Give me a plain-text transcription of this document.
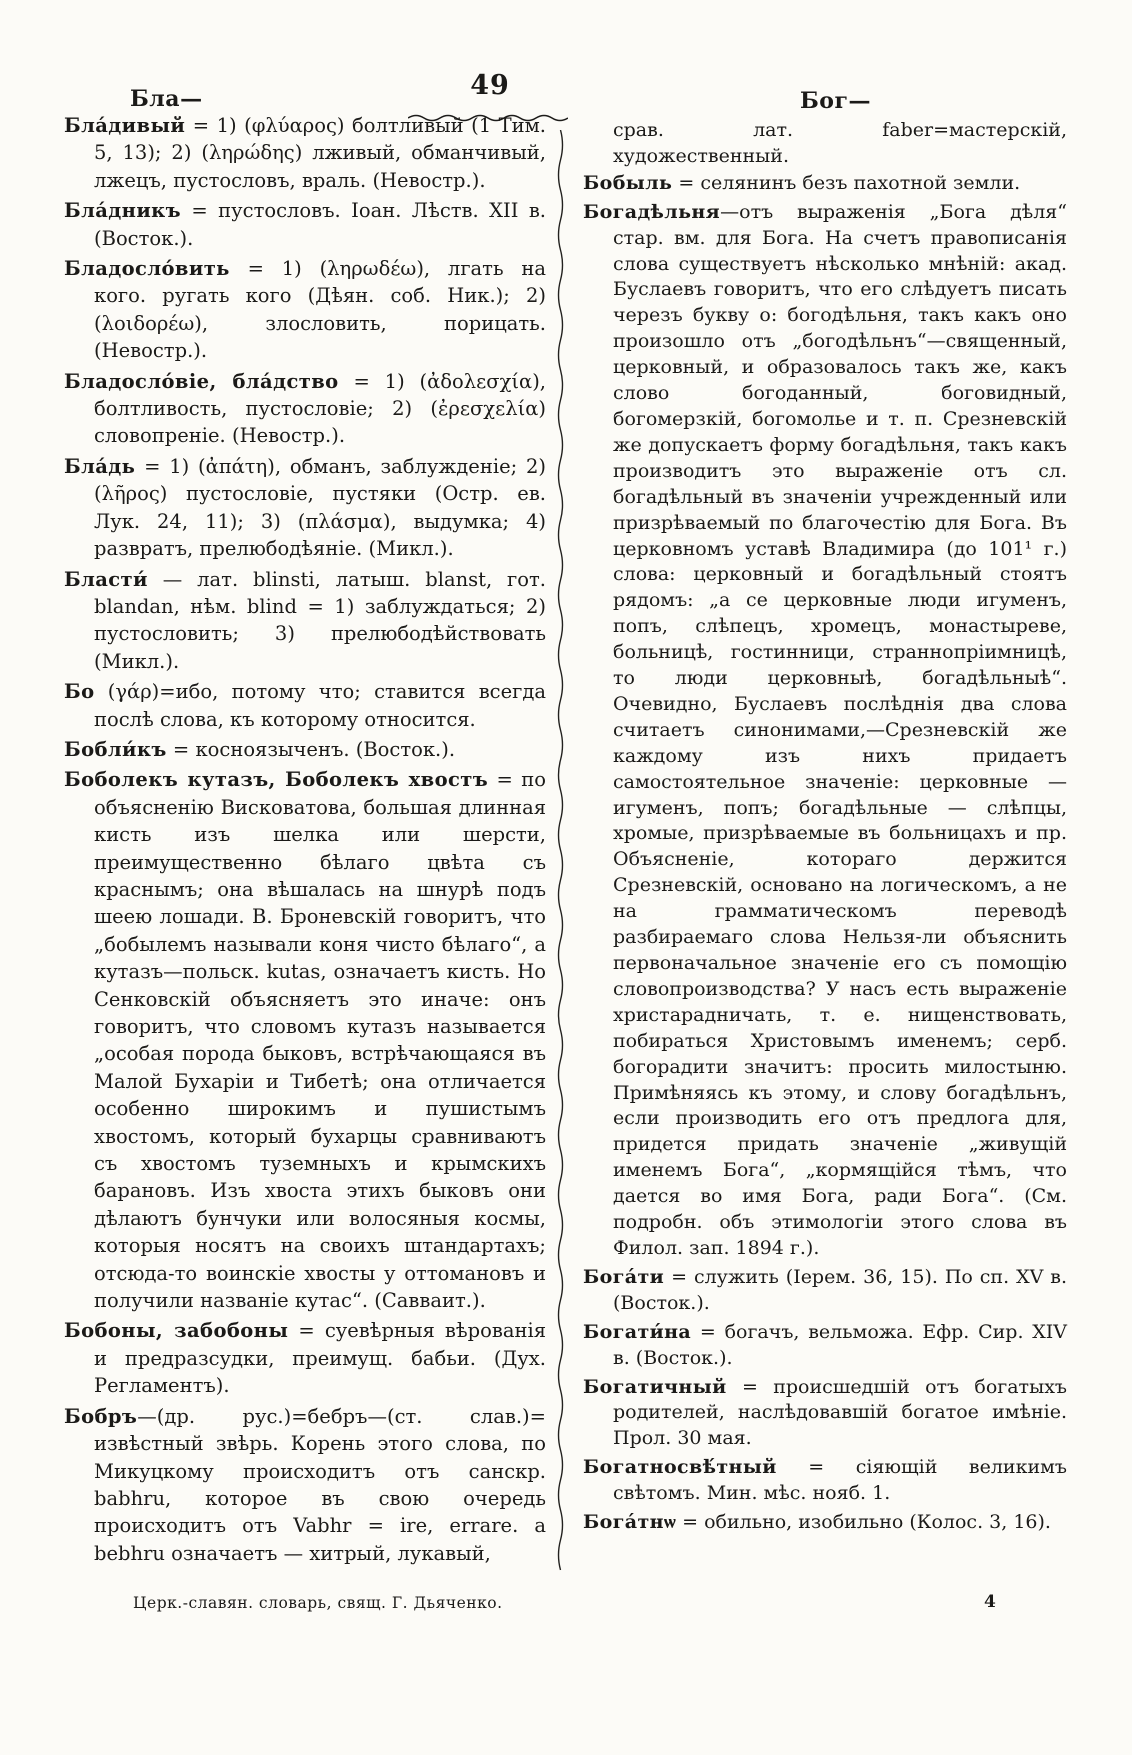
49
Бла—	Бог—

Бла́дивый = 1) (φλύαρος) болтливый (1 Тим. 5, 13); 2) (ληρώδης) лживый, обманчивый, лжецъ, пустословъ, враль. (Невостр.).

Бла́дникъ = пустословъ. Іоан. Лѣств. XII в. (Восток.).

Бладосло́вить = 1) (ληρωδέω), лгать на кого. ругать кого (Дѣян. соб. Ник.); 2) (λοιδορέω), злословить, порицать. (Невостр.).

Бладосло́віе, бла́дство = 1) (ἀδολεσχία), болтливость, пустословіе; 2) (ἐρεσχελία) словопреніе. (Невостр.).

Бла́дь = 1) (ἀπάτη), обманъ, заблужденіе; 2) (λῆρος) пустословіе, пустяки (Остр. ев. Лук. 24, 11); 3) (πλάσμα), выдумка; 4) развратъ, прелюбодѣяніе. (Микл.).

Бласти́ — лат. blinsti, латыш. blanst, гот. blandan, нѣм. blind = 1) заблуждаться; 2) пустословить; 3) прелюбодѣйствовать (Микл.).

Бо (γάρ)=ибо, потому что; ставится всегда послѣ слова, къ которому относится.

Бобли́къ = косноязыченъ. (Восток.).

Боболекъ кутазъ, Боболекъ хвостъ = по объясненію Висковатова, большая длинная кисть изъ шелка или шерсти, преимущественно бѣлаго цвѣта съ краснымъ; она вѣшалась на шнурѣ подъ шеею лошади. В. Броневскій говоритъ, что „бобылемъ называли коня чисто бѣлаго“, а кутазъ—польск. kutas, означаетъ кисть. Но Сенковскій объясняетъ это иначе: онъ говоритъ, что словомъ кутазъ называется „особая порода быковъ, встрѣчающаяся въ Малой Бухаріи и Тибетѣ; она отличается особенно широкимъ и пушистымъ хвостомъ, который бухарцы сравниваютъ съ хвостомъ туземныхъ и крымскихъ барановъ. Изъ хвоста этихъ быковъ они дѣлаютъ бунчуки или волосяныя космы, которыя носятъ на своихъ штандартахъ; отсюда-то воинскіе хвосты у оттомановъ и получили названіе кутас“. (Савваит.).

Бобоны, забобоны = суевѣрныя вѣрованія и предразсудки, преимущ. бабьи. (Дух. Регламентъ).

Бобръ—(др. рус.)=бебръ—(ст. слав.)= извѣстный звѣрь. Корень этого слова, по Микуцкому происходитъ отъ санскр. babhru, которое въ свою очередь происходитъ отъ Vabhr = ire, errare. а bebhru означаетъ — хитрый, лукавый,

срав. лат. faber=мастерскій, художественный.

Бобыль = селянинъ безъ пахотной земли.

Богадѣльня—отъ выраженія „Бога дѣля“ стар. вм. для Бога. На счетъ правописанія слова существуетъ нѣсколько мнѣній: акад. Буслаевъ говоритъ, что его слѣдуетъ писать черезъ букву о: богодѣльня, такъ какъ оно произошло отъ „богодѣльнъ“—священный, церковный, и образовалось такъ же, какъ слово богоданный, боговидный, богомерзкій, богомолье и т. п. Срезневскій же допускаетъ форму богадѣльня, такъ какъ производитъ это выраженіе отъ сл. богадѣльный въ значеніи учрежденный или призрѣваемый по благочестію для Бога. Въ церковномъ уставѣ Владимира (до 101¹ г.) слова: церковный и богадѣльный стоятъ рядомъ: „а се церковные люди игуменъ, попъ, слѣпецъ, хромецъ, монастыреве, больницѣ, гостинници, страннопріимницѣ, то люди церковныѣ, богадѣльныѣ“. Очевидно, Буслаевъ послѣднія два слова считаетъ синонимами,—Срезневскій же каждому изъ нихъ придаетъ самостоятельное значеніе: церковные — игуменъ, попъ; богадѣльные — слѣпцы, хромые, призрѣваемые въ больницахъ и пр. Объясненіе, котораго держится Срезневскій, основано на логическомъ, а не на грамматическомъ переводѣ разбираемаго слова Нельзя-ли объяснить первоначальное значеніе его съ помощію словопроизводства? У насъ есть выраженіе христарадничать, т. е. нищенствовать, побираться Христовымъ именемъ; серб. богорадити значитъ: просить милостыню. Примѣняясь къ этому, и слову богадѣльнъ, если производить его отъ предлога для, придется придать значеніе „живущій именемъ Бога“, „кормящійся тѣмъ, что дается во имя Бога, ради Бога“. (См. подробн. объ этимологіи этого слова въ Филол. зап. 1894 г.).

Бога́ти = служить (Іерем. 36, 15). По сп. XV в. (Восток.).

Богати́на = богачъ, вельможа. Ефр. Сир. XIV в. (Восток.).

Богатичный = происшедшій отъ богатыхъ родителей, наслѣдовавшій богатое имѣніе. Прол. 30 мая.

Богатносвѣ́тный = сіяющій великимъ свѣтомъ. Мин. мѣс. нояб. 1.

Бога́тнѡ = обильно, изобильно (Колос. 3, 16).

Церк.-славян. словарь, свящ. Г. Дьяченко.	4
